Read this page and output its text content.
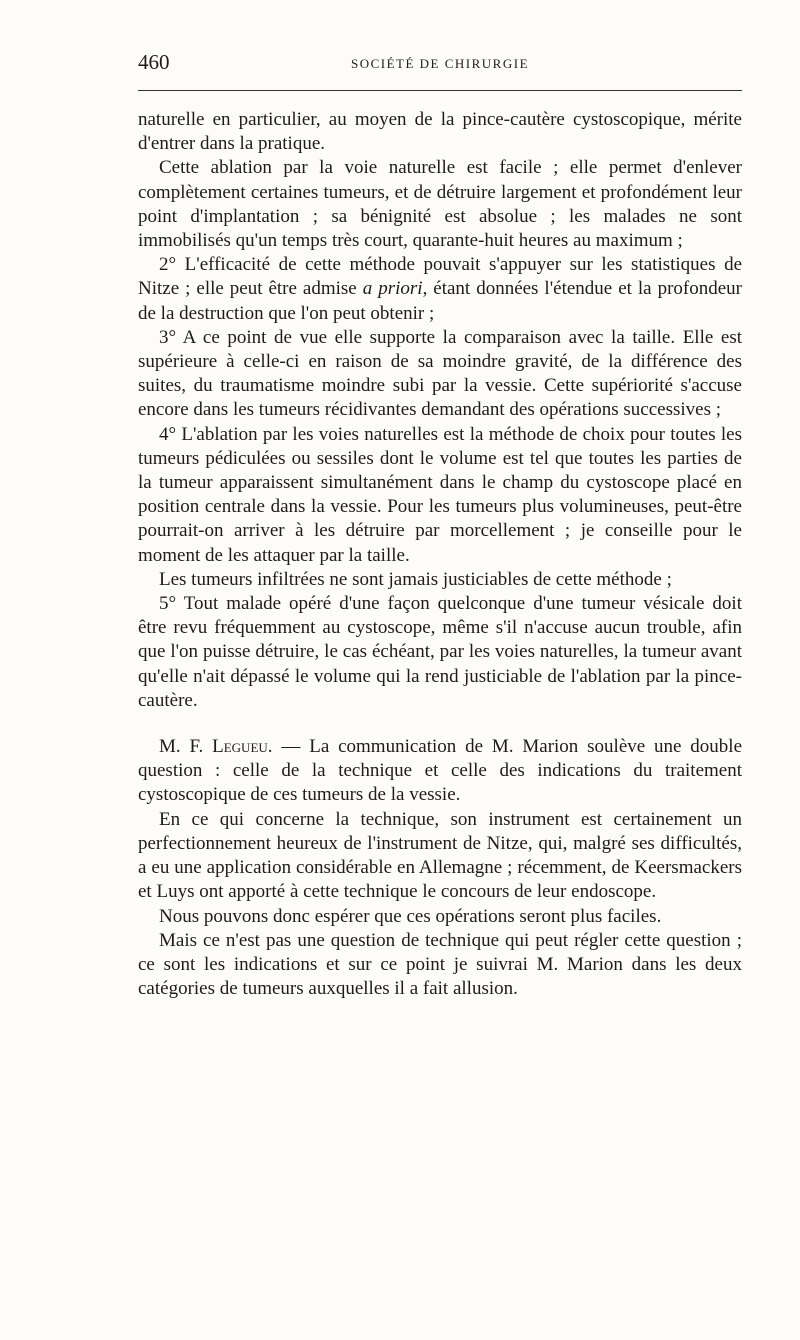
460	SOCIÉTÉ DE CHIRURGIE

naturelle en particulier, au moyen de la pince-cautère cystoscopique, mérite d'entrer dans la pratique.

Cette ablation par la voie naturelle est facile ; elle permet d'enlever complètement certaines tumeurs, et de détruire largement et profondément leur point d'implantation ; sa bénignité est absolue ; les malades ne sont immobilisés qu'un temps très court, quarante-huit heures au maximum ;

2° L'efficacité de cette méthode pouvait s'appuyer sur les statistiques de Nitze ; elle peut être admise a priori, étant données l'étendue et la profondeur de la destruction que l'on peut obtenir ;

3° A ce point de vue elle supporte la comparaison avec la taille. Elle est supérieure à celle-ci en raison de sa moindre gravité, de la différence des suites, du traumatisme moindre subi par la vessie. Cette supériorité s'accuse encore dans les tumeurs récidivantes demandant des opérations successives ;

4° L'ablation par les voies naturelles est la méthode de choix pour toutes les tumeurs pédiculées ou sessiles dont le volume est tel que toutes les parties de la tumeur apparaissent simultanément dans le champ du cystoscope placé en position centrale dans la vessie. Pour les tumeurs plus volumineuses, peut-être pourrait-on arriver à les détruire par morcellement ; je conseille pour le moment de les attaquer par la taille.

Les tumeurs infiltrées ne sont jamais justiciables de cette méthode ;

5° Tout malade opéré d'une façon quelconque d'une tumeur vésicale doit être revu fréquemment au cystoscope, même s'il n'accuse aucun trouble, afin que l'on puisse détruire, le cas échéant, par les voies naturelles, la tumeur avant qu'elle n'ait dépassé le volume qui la rend justiciable de l'ablation par la pince-cautère.

M. F. Legueu. — La communication de M. Marion soulève une double question : celle de la technique et celle des indications du traitement cystoscopique de ces tumeurs de la vessie.

En ce qui concerne la technique, son instrument est certainement un perfectionnement heureux de l'instrument de Nitze, qui, malgré ses difficultés, a eu une application considérable en Allemagne ; récemment, de Keersmackers et Luys ont apporté à cette technique le concours de leur endoscope.

Nous pouvons donc espérer que ces opérations seront plus faciles.

Mais ce n'est pas une question de technique qui peut régler cette question ; ce sont les indications et sur ce point je suivrai M. Marion dans les deux catégories de tumeurs auxquelles il a fait allusion.
